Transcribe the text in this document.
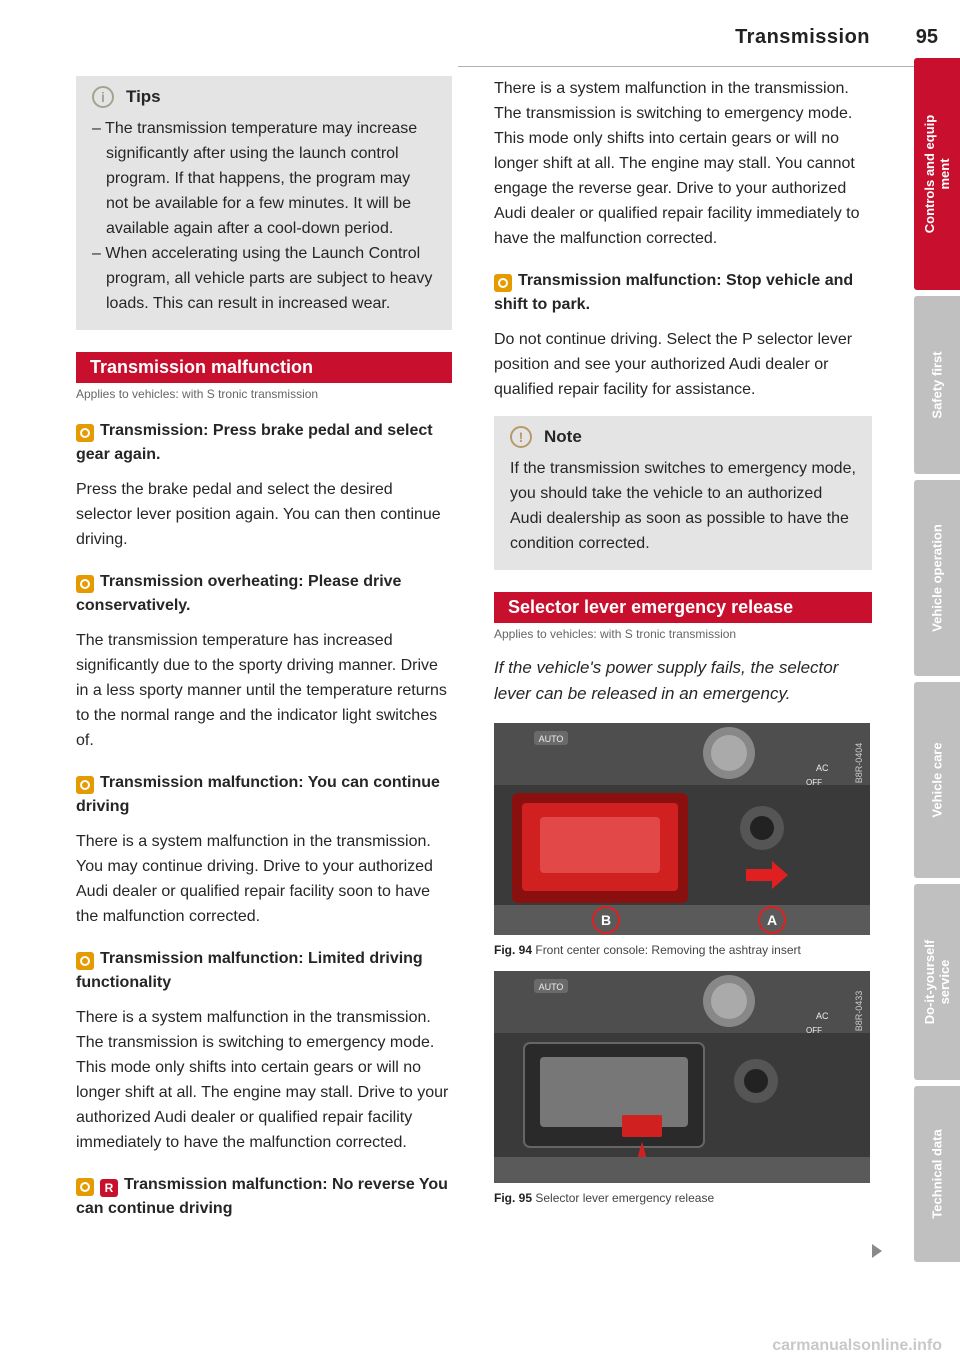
Transmission 95
i	Tips
– The transmission temperature may increase significantly after using the launch control program. If that happens, the program may not be available for a few minutes. It will be available again after a cool-down period.
– When accelerating using the Launch Control program, all vehicle parts are subject to heavy loads. This can result in increased wear.
Transmission malfunction
Applies to vehicles: with S tronic transmission
Transmission: Press brake pedal and select gear again.
Press the brake pedal and select the desired selector lever position again. You can then continue driving.
Transmission overheating: Please drive conservatively.
The transmission temperature has increased significantly due to the sporty driving manner. Drive in a less sporty manner until the temperature returns to the normal range and the indicator light switches of.
Transmission malfunction: You can continue driving
There is a system malfunction in the transmission. You may continue driving. Drive to your authorized Audi dealer or qualified repair facility soon to have the malfunction corrected.
Transmission malfunction: Limited driving functionality
There is a system malfunction in the transmission. The transmission is switching to emergency mode. This mode only shifts into certain gears or will no longer shift at all. The engine may stall. Drive to your authorized Audi dealer or qualified repair facility immediately to have the malfunction corrected.
R Transmission malfunction: No reverse You can continue driving
There is a system malfunction in the transmission. The transmission is switching to emergency mode. This mode only shifts into certain gears or will no longer shift at all. The engine may stall. You cannot engage the reverse gear. Drive to your authorized Audi dealer or qualified repair facility immediately to have the malfunction corrected.
Transmission malfunction: Stop vehicle and shift to park.
Do not continue driving. Select the P selector lever position and see your authorized Audi dealer or qualified repair facility for assistance.
!	Note
If the transmission switches to emergency mode, you should take the vehicle to an authorized Audi dealership as soon as possible to have the condition corrected.
Selector lever emergency release
Applies to vehicles: with S tronic transmission
If the vehicle's power supply fails, the selector lever can be released in an emergency.
AUTO
AC
OFF
B	A
B8R-0404
Fig. 94 Front center console: Removing the ashtray insert
AUTO
AC
OFF	B8R-0433
Fig. 95 Selector lever emergency release
Controls and equip
ment
Safety first
Vehicle operation
Vehicle care
Do-it-yourself
service
Technical data
carmanualsonline.info
